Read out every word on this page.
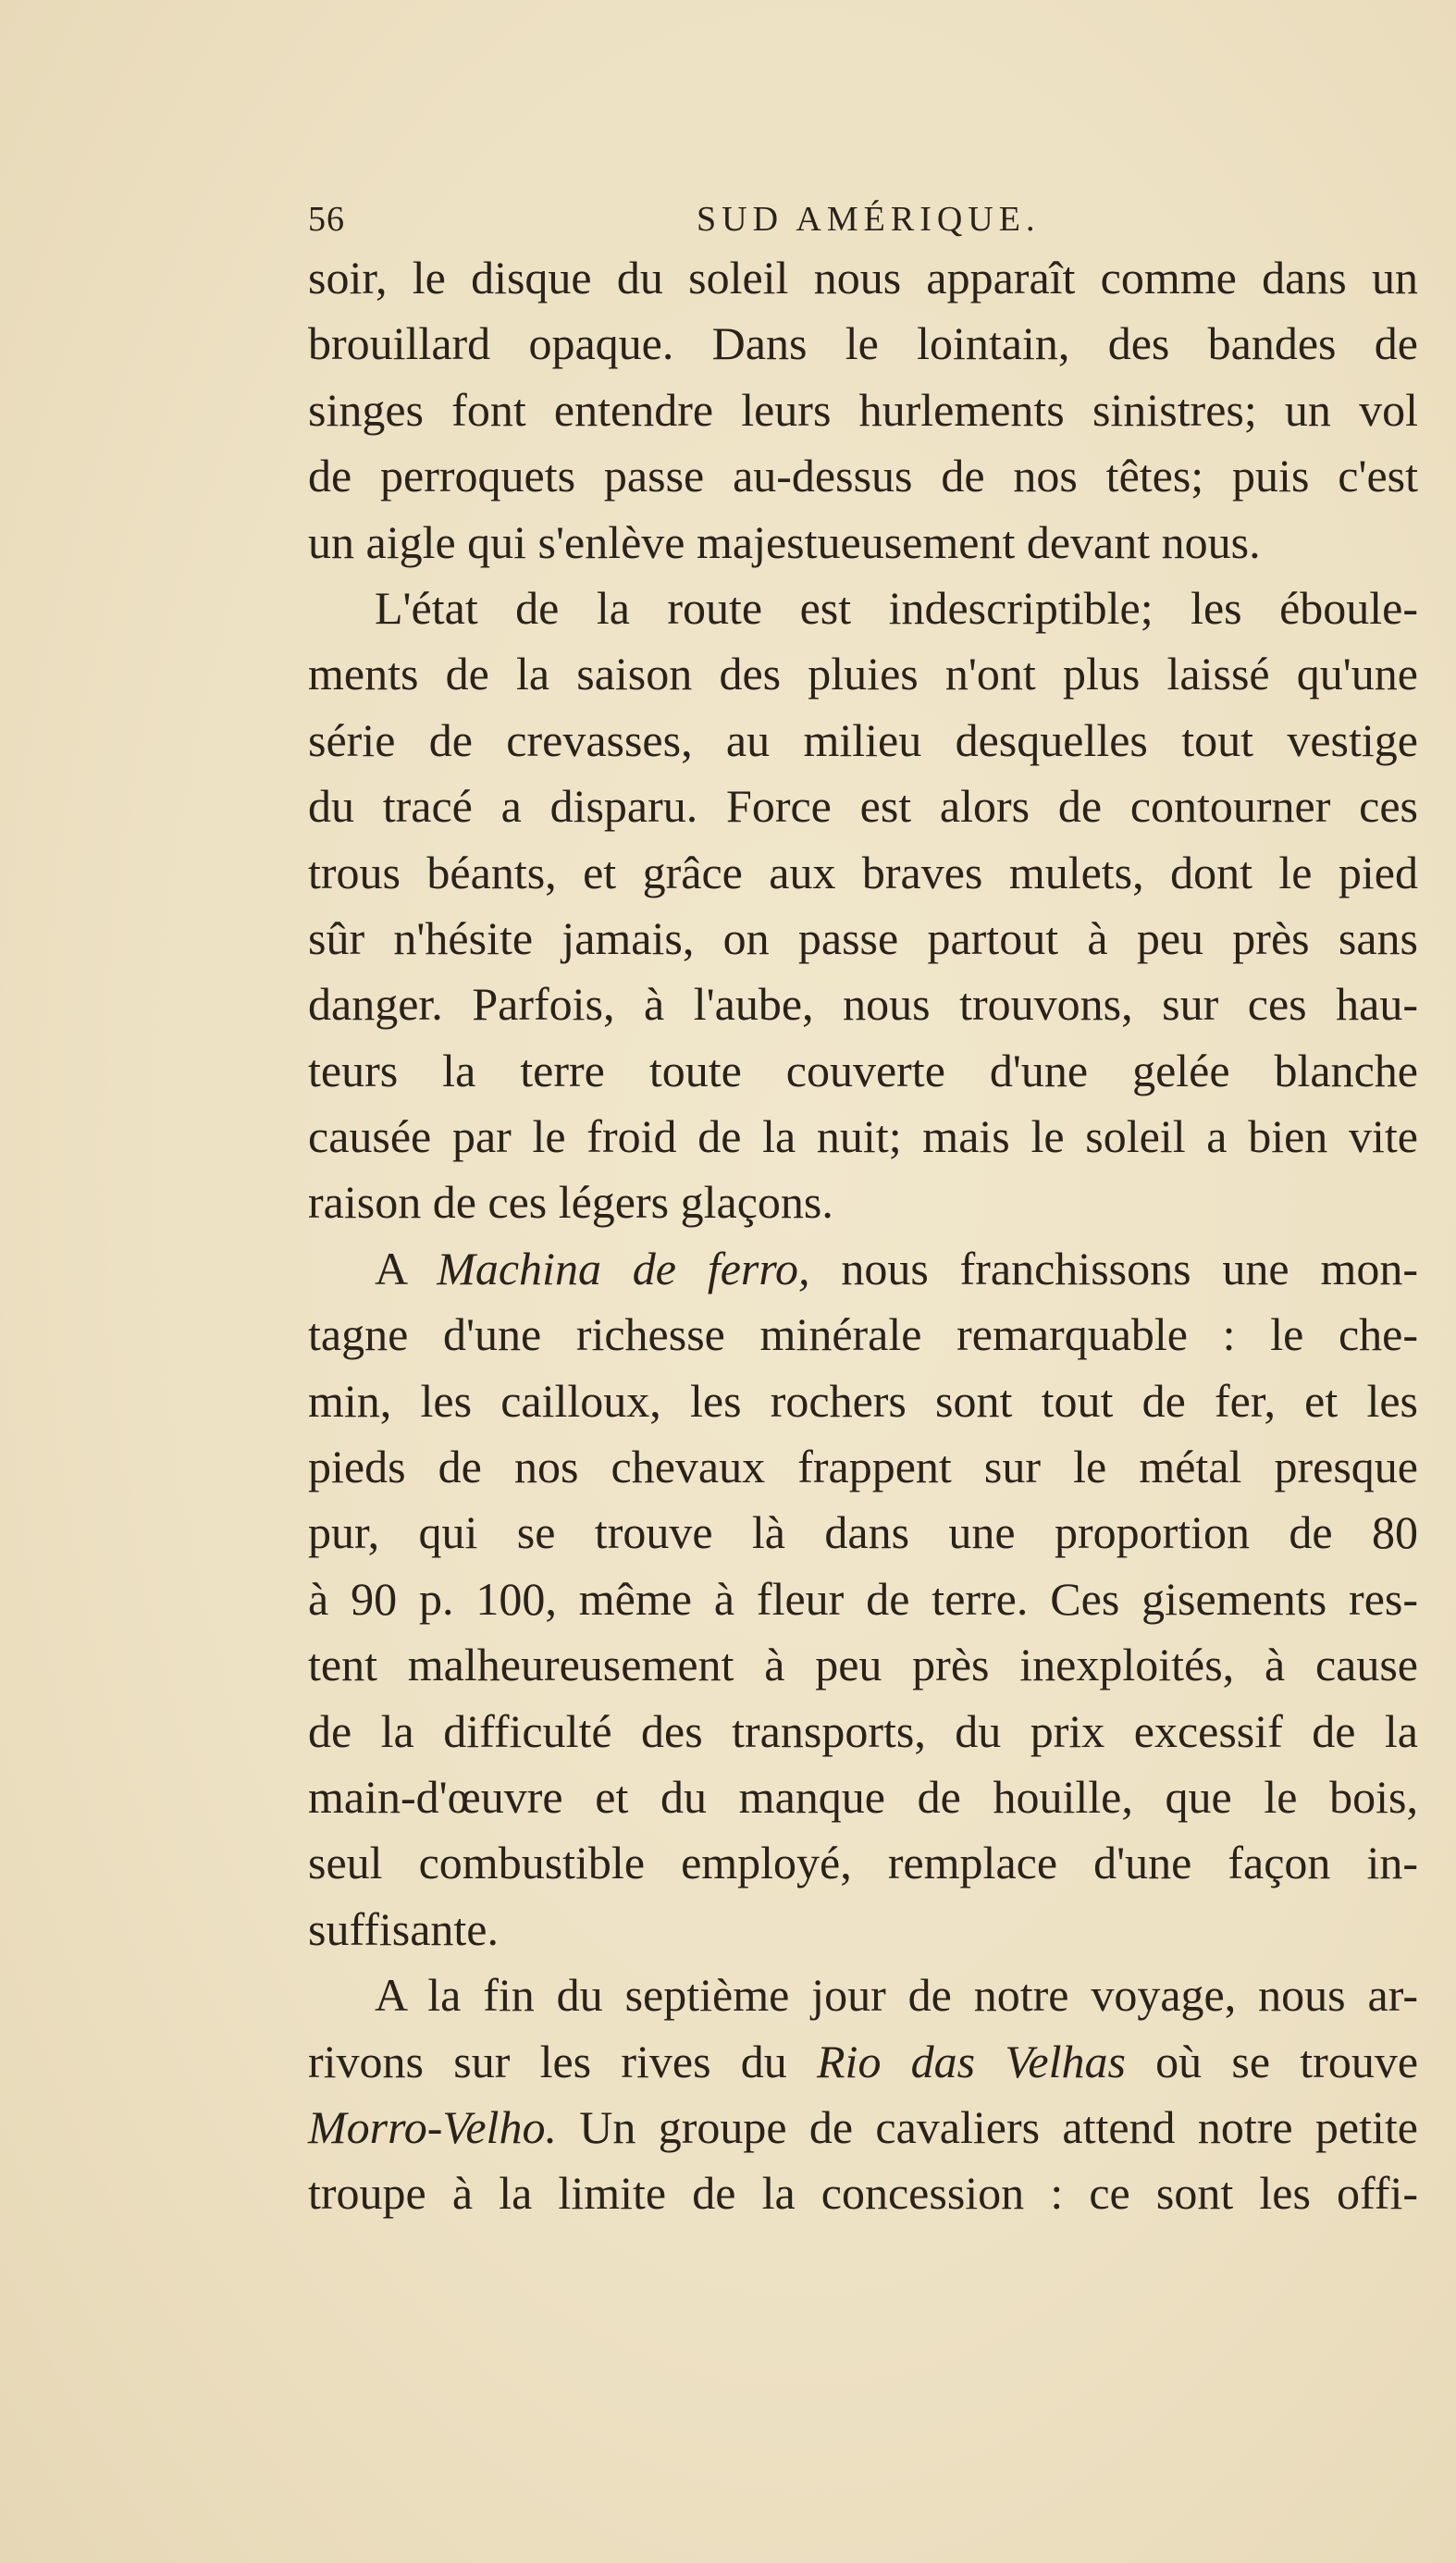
56	SUD AMÉRIQUE.
soir, le disque du soleil nous apparaît comme dans un
brouillard opaque. Dans le lointain, des bandes de
singes font entendre leurs hurlements sinistres; un vol
de perroquets passe au-dessus de nos têtes; puis c'est
un aigle qui s'enlève majestueusement devant nous.
L'état de la route est indescriptible; les éboule-
ments de la saison des pluies n'ont plus laissé qu'une
série de crevasses, au milieu desquelles tout vestige
du tracé a disparu. Force est alors de contourner ces
trous béants, et grâce aux braves mulets, dont le pied
sûr n'hésite jamais, on passe partout à peu près sans
danger. Parfois, à l'aube, nous trouvons, sur ces hau-
teurs la terre toute couverte d'une gelée blanche
causée par le froid de la nuit; mais le soleil a bien vite
raison de ces légers glaçons.
A Machina de ferro, nous franchissons une mon-
tagne d'une richesse minérale remarquable : le che-
min, les cailloux, les rochers sont tout de fer, et les
pieds de nos chevaux frappent sur le métal presque
pur, qui se trouve là dans une proportion de 80
à 90 p. 100, même à fleur de terre. Ces gisements res-
tent malheureusement à peu près inexploités, à cause
de la difficulté des transports, du prix excessif de la
main-d'œuvre et du manque de houille, que le bois,
seul combustible employé, remplace d'une façon in-
suffisante.
A la fin du septième jour de notre voyage, nous ar-
rivons sur les rives du Rio das Velhas où se trouve
Morro-Velho. Un groupe de cavaliers attend notre petite
troupe à la limite de la concession : ce sont les offi-
